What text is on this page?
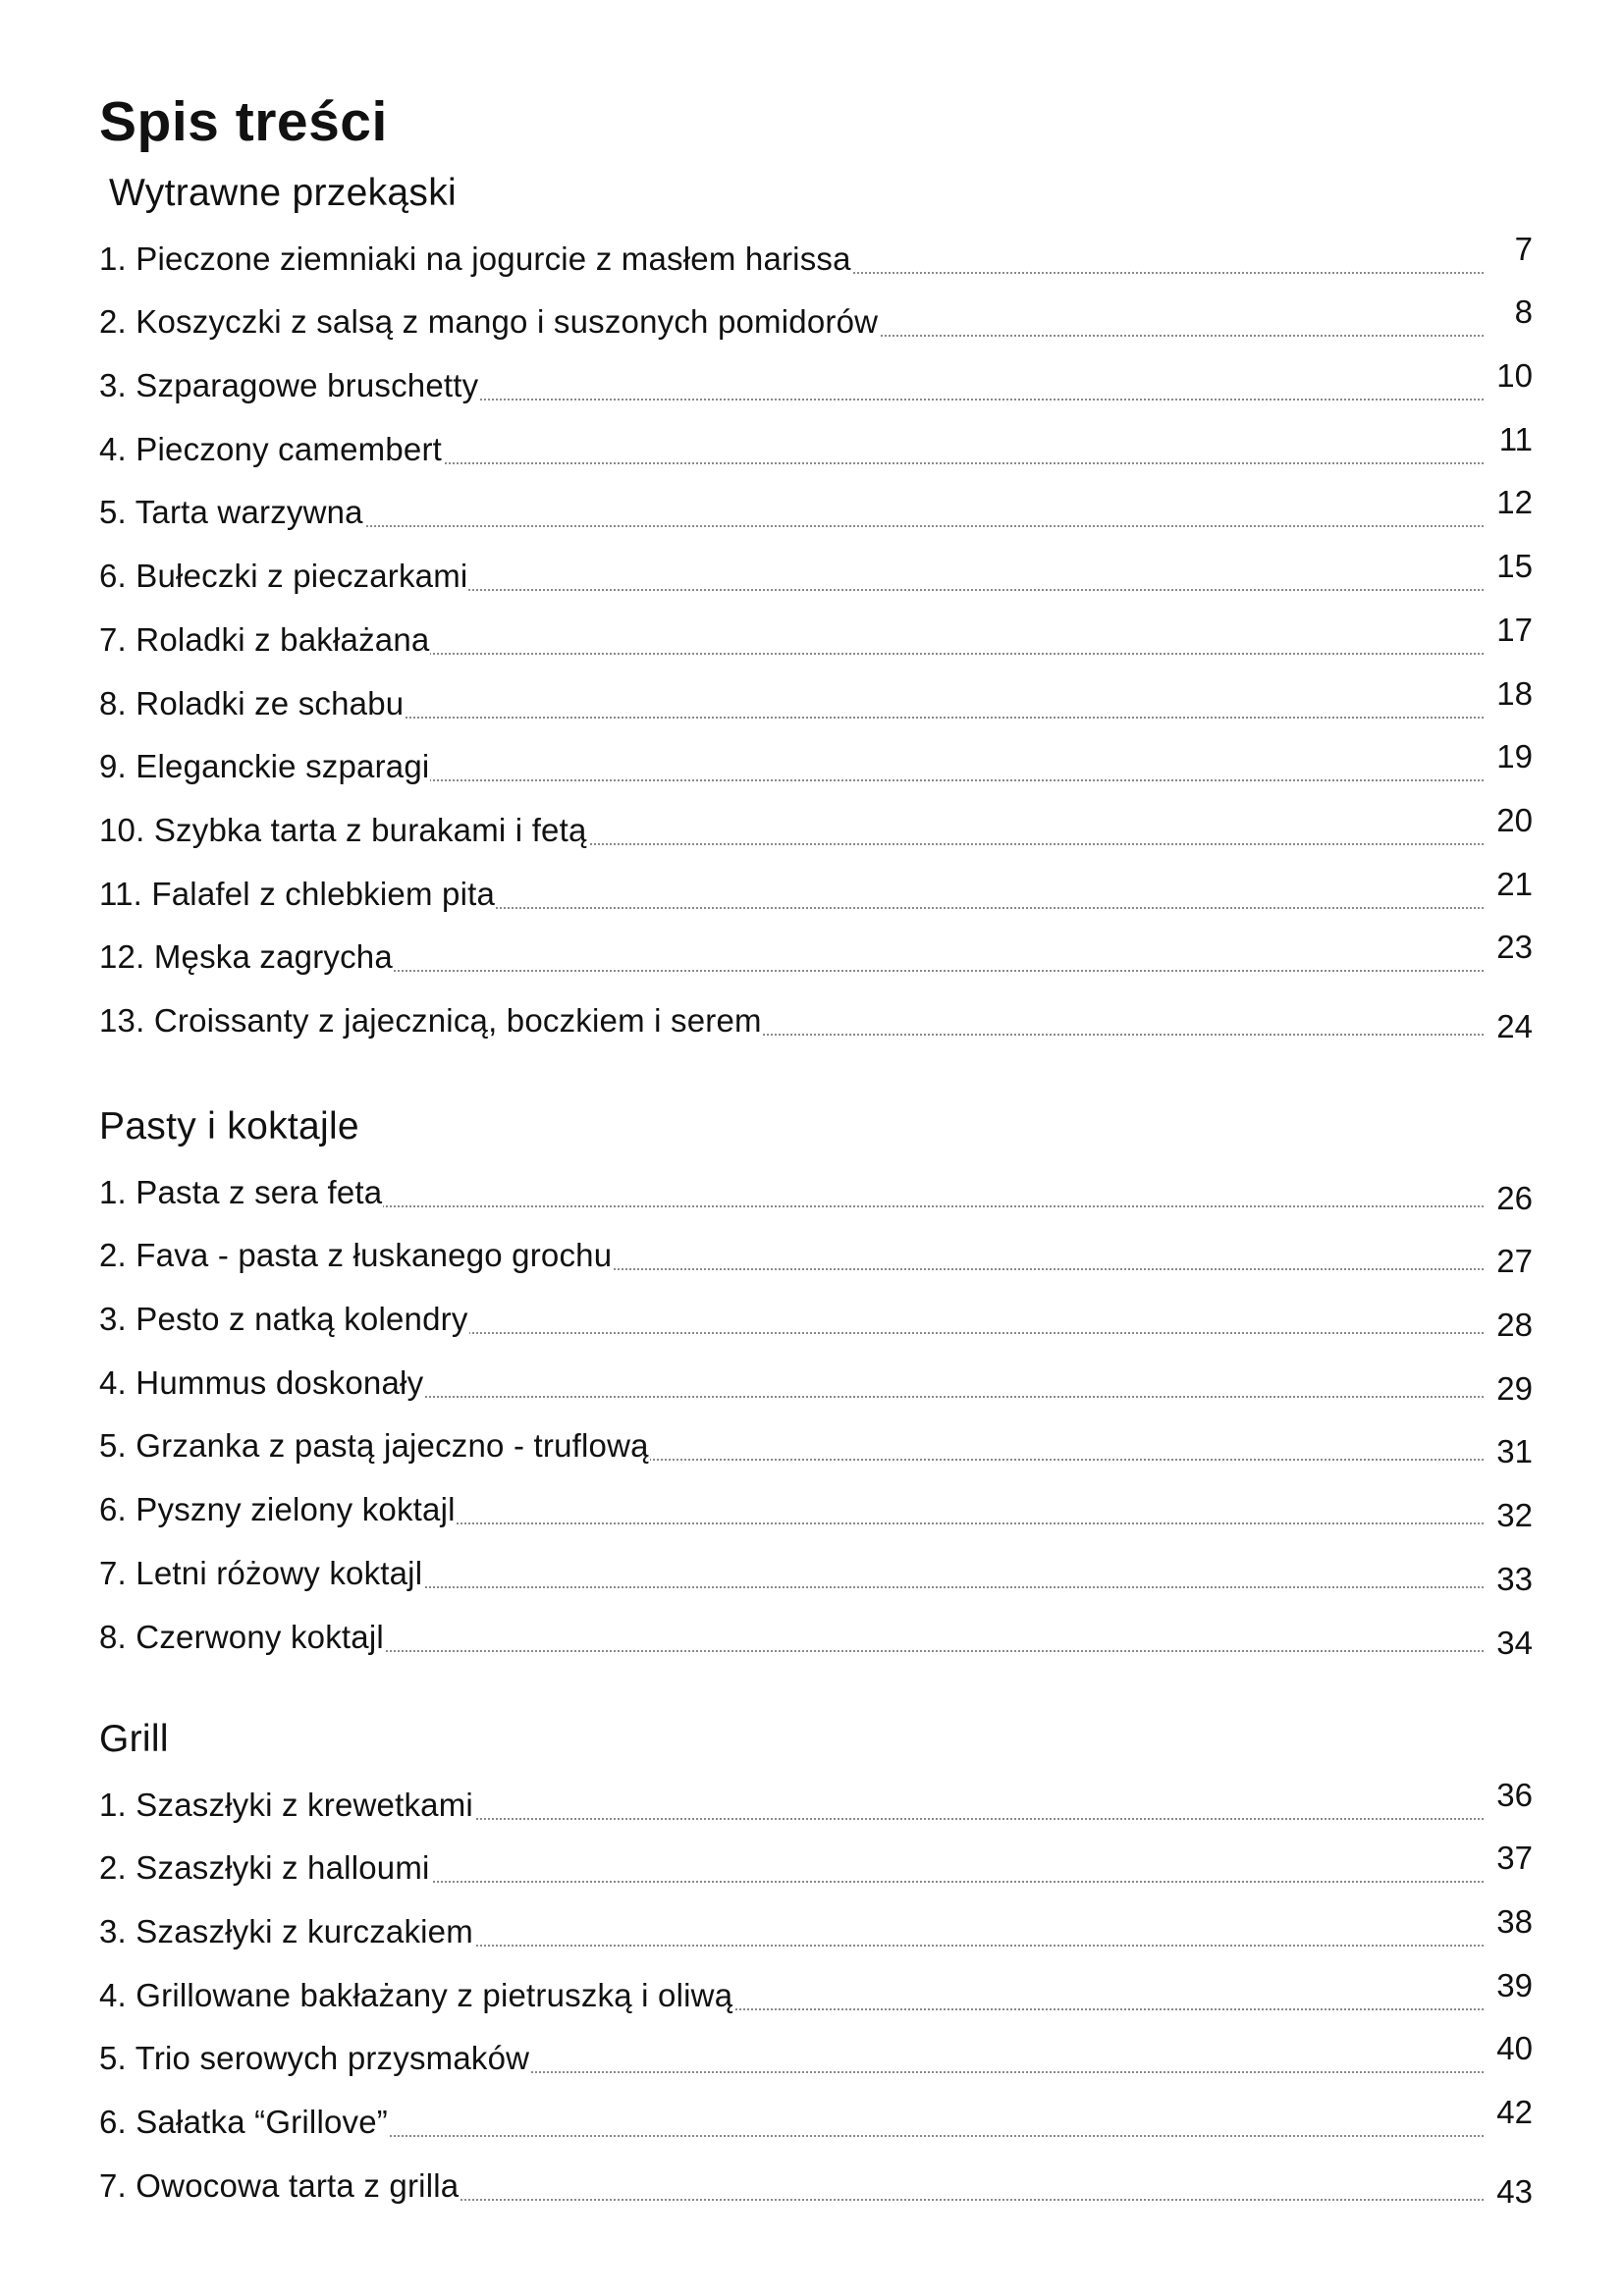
Spis treści
Wytrawne przekąski
1. Pieczone ziemniaki na jogurcie z masłem harissa	7
2. Koszyczki z salsą z mango i suszonych pomidorów	8
3. Szparagowe bruschetty	10
4. Pieczony camembert	11
5. Tarta warzywna	12
6. Bułeczki z pieczarkami	15
7. Roladki z bakłażana	17
8. Roladki ze schabu	18
9. Eleganckie szparagi	19
10. Szybka tarta z burakami i fetą	20
11. Falafel z chlebkiem pita	21
12. Męska zagrycha	23
13. Croissanty z jajecznicą, boczkiem i serem	24
Pasty i koktajle
1. Pasta z sera feta	26
2. Fava - pasta z łuskanego grochu	27
3. Pesto z natką kolendry	28
4. Hummus doskonały	29
5. Grzanka z pastą jajeczno - truflową	31
6. Pyszny zielony koktajl	32
7. Letni różowy koktajl	33
8. Czerwony koktajl	34
Grill
1. Szaszłyki z krewetkami	36
2. Szaszłyki z halloumi	37
3. Szaszłyki z kurczakiem	38
4. Grillowane bakłażany z pietruszką i oliwą	39
5. Trio serowych przysmaków	40
6. Sałatka “Grillove”	42
7. Owocowa tarta z grilla	43
